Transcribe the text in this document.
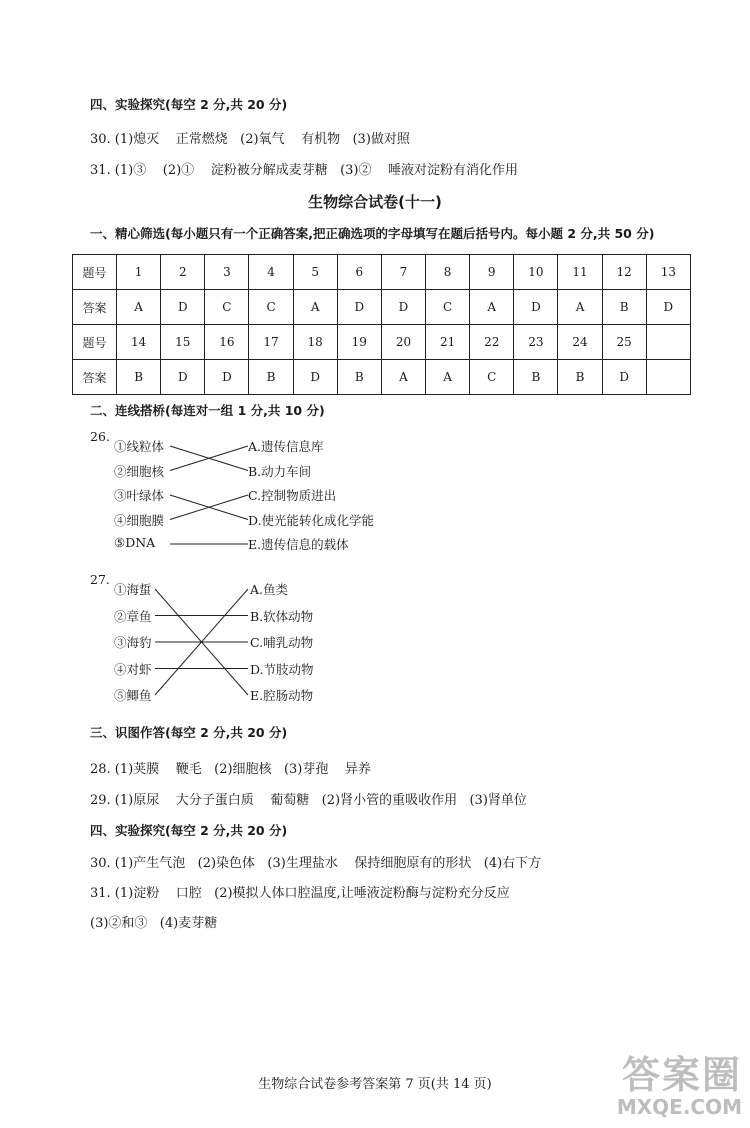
四、实验探究(每空 2 分,共 20 分)
30. (1)熄灭    正常燃烧   (2)氧气    有机物   (3)做对照
31. (1)③    (2)①    淀粉被分解成麦芽糖   (3)②    唾液对淀粉有消化作用
生物综合试卷(十一)
一、精心筛选(每小题只有一个正确答案,把正确选项的字母填写在题后括号内。每小题 2 分,共 50 分)
题号	1	2	3	4	5	6	7	8	9	10	11	12	13
答案	A	D	C	C	A	D	D	C	A	D	A	B	D
题号	14	15	16	17	18	19	20	21	22	23	24	25	
答案	B	D	D	B	D	B	A	A	C	B	B	D	
二、连线搭桥(每连对一组 1 分,共 10 分)
26.
①线粒体
②细胞核
③叶绿体
④细胞膜
⑤DNA
A.遗传信息库
B.动力车间
C.控制物质进出
D.使光能转化成化学能
E.遗传信息的载体
27.
①海蜇
②章鱼
③海豹
④对虾
⑤鲫鱼
A.鱼类
B.软体动物
C.哺乳动物
D.节肢动物
E.腔肠动物
三、识图作答(每空 2 分,共 20 分)
28. (1)荚膜    鞭毛   (2)细胞核   (3)芽孢    异养
29. (1)原尿    大分子蛋白质    葡萄糖   (2)肾小管的重吸收作用   (3)肾单位
四、实验探究(每空 2 分,共 20 分)
30. (1)产生气泡   (2)染色体   (3)生理盐水    保持细胞原有的形状   (4)右下方
31. (1)淀粉    口腔   (2)模拟人体口腔温度,让唾液淀粉酶与淀粉充分反应
(3)②和③   (4)麦芽糖
生物综合试卷参考答案第 7 页(共 14 页)	答案圈
MXQE.COM
